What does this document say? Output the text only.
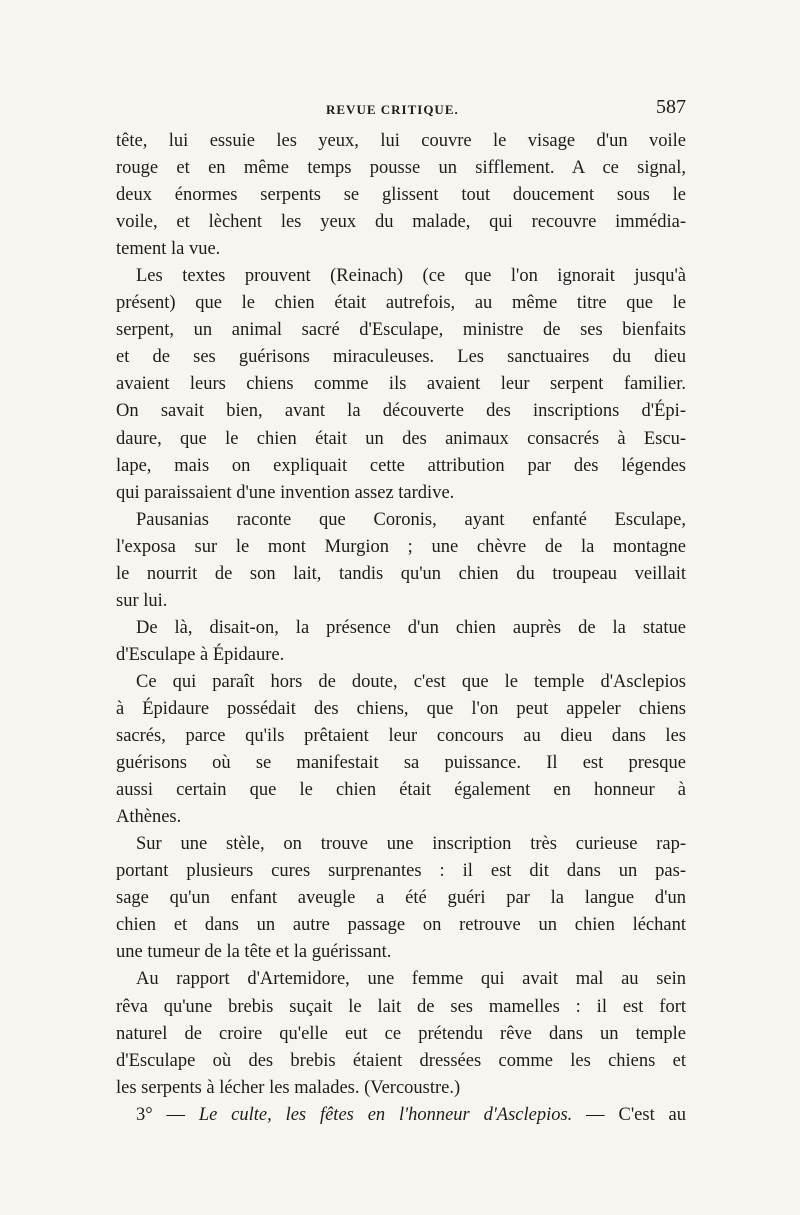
REVUE CRITIQUE.	587
tête, lui essuie les yeux, lui couvre le visage d'un voile
rouge et en même temps pousse un sifflement. A ce signal,
deux énormes serpents se glissent tout doucement sous le
voile, et lèchent les yeux du malade, qui recouvre immédia-
tement la vue.
Les textes prouvent (Reinach) (ce que l'on ignorait jusqu'à
présent) que le chien était autrefois, au même titre que le
serpent, un animal sacré d'Esculape, ministre de ses bienfaits
et de ses guérisons miraculeuses. Les sanctuaires du dieu
avaient leurs chiens comme ils avaient leur serpent familier.
On savait bien, avant la découverte des inscriptions d'Épi-
daure, que le chien était un des animaux consacrés à Escu-
lape, mais on expliquait cette attribution par des légendes
qui paraissaient d'une invention assez tardive.
Pausanias raconte que Coronis, ayant enfanté Esculape,
l'exposa sur le mont Murgion ; une chèvre de la montagne
le nourrit de son lait, tandis qu'un chien du troupeau veillait
sur lui.
De là, disait-on, la présence d'un chien auprès de la statue
d'Esculape à Épidaure.
Ce qui paraît hors de doute, c'est que le temple d'Asclepios
à Épidaure possédait des chiens, que l'on peut appeler chiens
sacrés, parce qu'ils prêtaient leur concours au dieu dans les
guérisons où se manifestait sa puissance. Il est presque
aussi certain que le chien était également en honneur à
Athènes.
Sur une stèle, on trouve une inscription très curieuse rap-
portant plusieurs cures surprenantes : il est dit dans un pas-
sage qu'un enfant aveugle a été guéri par la langue d'un
chien et dans un autre passage on retrouve un chien léchant
une tumeur de la tête et la guérissant.
Au rapport d'Artemidore, une femme qui avait mal au sein
rêva qu'une brebis suçait le lait de ses mamelles : il est fort
naturel de croire qu'elle eut ce prétendu rêve dans un temple
d'Esculape où des brebis étaient dressées comme les chiens et
les serpents à lécher les malades. (Vercoustre.)
3° — Le culte, les fêtes en l'honneur d'Asclepios. — C'est au
